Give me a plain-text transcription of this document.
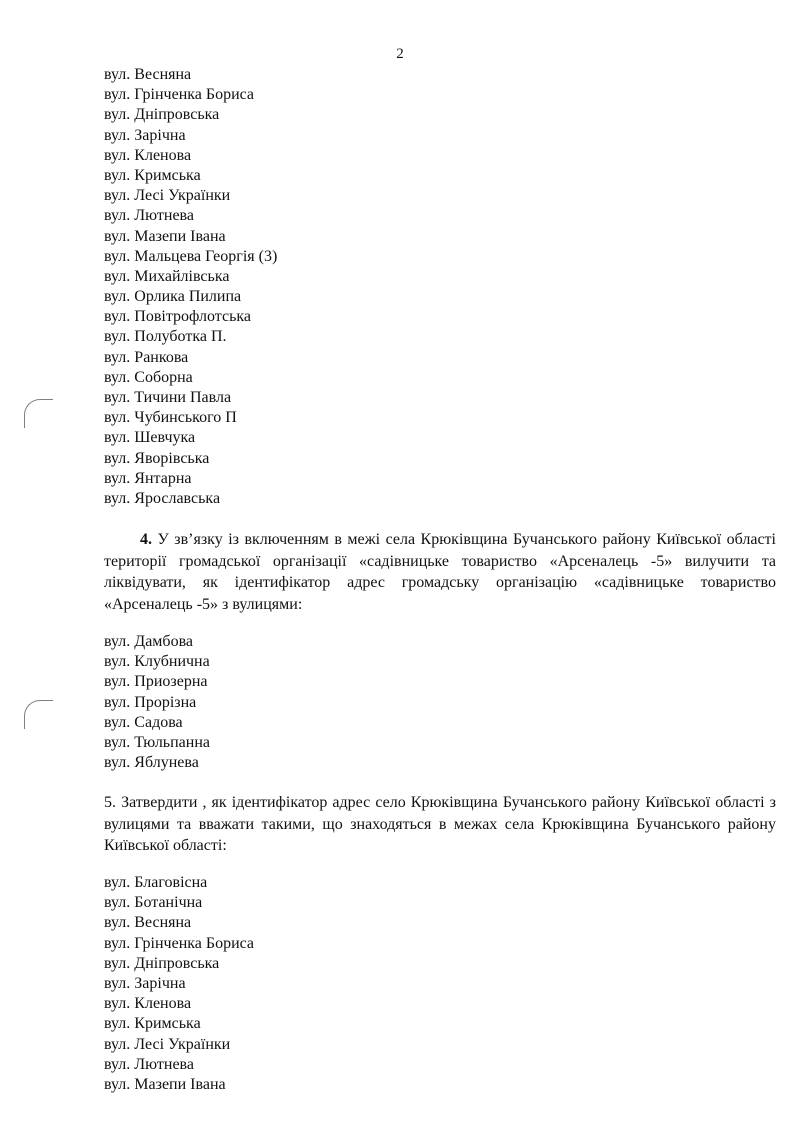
2
вул. Весняна
вул. Грінченка Бориса
вул. Дніпровська
вул. Зарічна
вул. Кленова
вул. Кримська
вул. Лесі Українки
вул. Лютнева
вул. Мазепи Івана
вул. Мальцева Георгія (3)
вул. Михайлівська
вул. Орлика Пилипа
вул. Повітрофлотська
вул. Полуботка П.
вул. Ранкова
вул. Соборна
вул. Тичини Павла
вул. Чубинського П
вул. Шевчука
вул. Яворівська
вул. Янтарна
вул. Ярославська

4. У зв’язку із включенням в межі села Крюківщина Бучанського району Київської області території громадської організації «садівницьке товариство «Арсеналець -5» вилучити та ліквідувати, як ідентифікатор адрес громадську організацію «садівницьке товариство «Арсеналець -5» з вулицями:

вул. Дамбова
вул. Клубнична
вул. Приозерна
вул. Прорізна
вул. Садова
вул. Тюльпанна
вул. Яблунева

5. Затвердити , як ідентифікатор адрес село Крюківщина Бучанського району Київської області з вулицями та вважати такими, що знаходяться в межах села Крюківщина Бучанського району Київської області:

вул. Благовісна
вул. Ботанічна
вул. Весняна
вул. Грінченка Бориса
вул. Дніпровська
вул. Зарічна
вул. Кленова
вул. Кримська
вул. Лесі Українки
вул. Лютнева
вул. Мазепи Івана
